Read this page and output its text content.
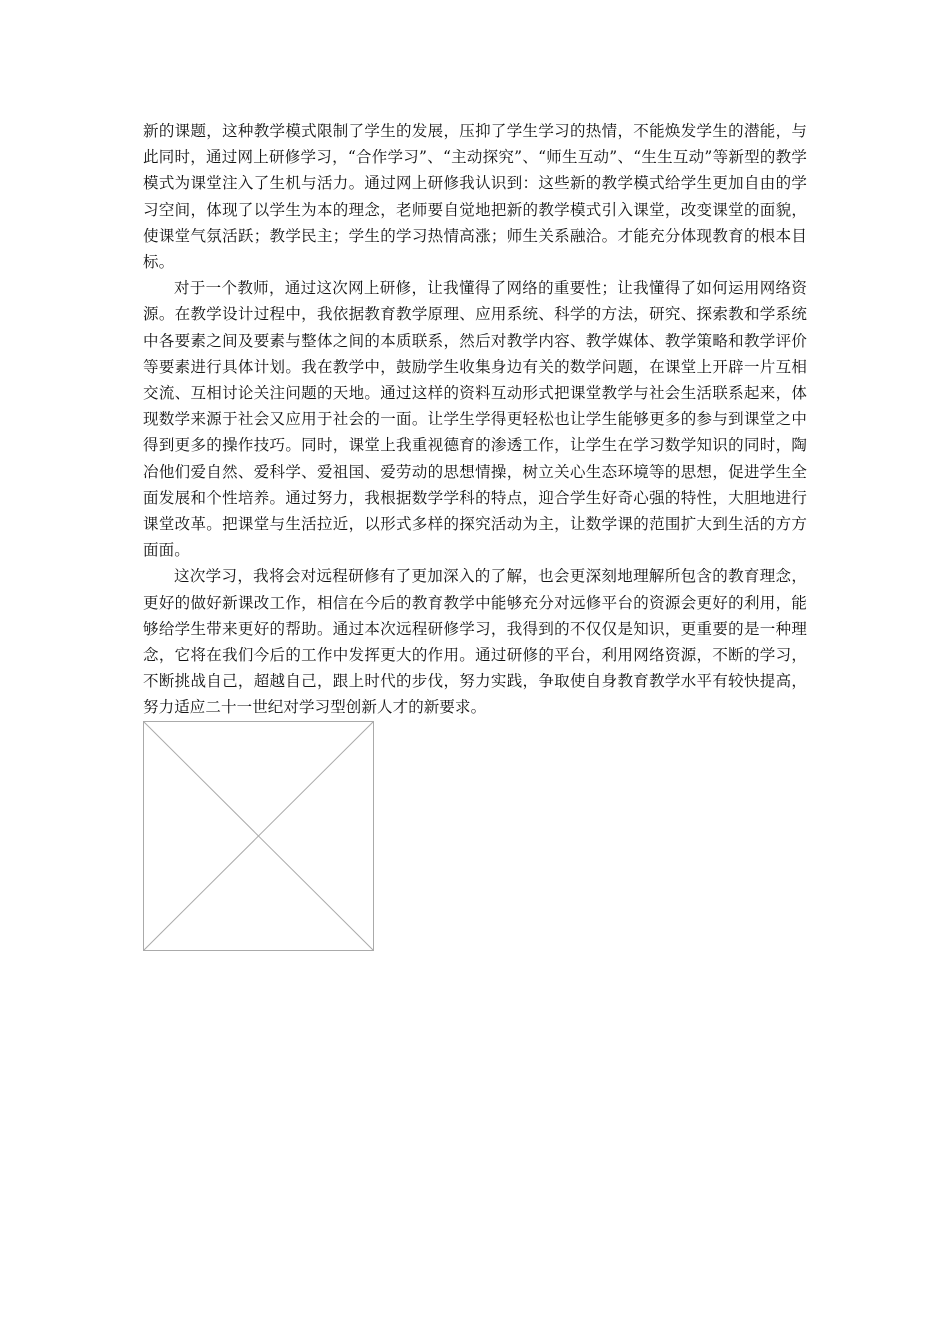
新的课题，这种教学模式限制了学生的发展，压抑了学生学习的热情，不能焕发学生的潜能，与此同时，通过网上研修学习，“合作学习”、“主动探究”、“师生互动”、“生生互动”等新型的教学模式为课堂注入了生机与活力。通过网上研修我认识到：这些新的教学模式给学生更加自由的学习空间，体现了以学生为本的理念，老师要自觉地把新的教学模式引入课堂，改变课堂的面貌，使课堂气氛活跃；教学民主；学生的学习热情高涨；师生关系融洽。才能充分体现教育的根本目标。

对于一个教师，通过这次网上研修，让我懂得了网络的重要性；让我懂得了如何运用网络资源。在教学设计过程中，我依据教育教学原理、应用系统、科学的方法，研究、探索教和学系统中各要素之间及要素与整体之间的本质联系，然后对教学内容、教学媒体、教学策略和教学评价等要素进行具体计划。我在教学中，鼓励学生收集身边有关的数学问题，在课堂上开辟一片互相交流、互相讨论关注问题的天地。通过这样的资料互动形式把课堂教学与社会生活联系起来，体现数学来源于社会又应用于社会的一面。让学生学得更轻松也让学生能够更多的参与到课堂之中得到更多的操作技巧。同时，课堂上我重视德育的渗透工作，让学生在学习数学知识的同时，陶冶他们爱自然、爱科学、爱祖国、爱劳动的思想情操，树立关心生态环境等的思想，促进学生全面发展和个性培养。通过努力，我根据数学学科的特点，迎合学生好奇心强的特性，大胆地进行课堂改革。把课堂与生活拉近，以形式多样的探究活动为主，让数学课的范围扩大到生活的方方面面。

这次学习，我将会对远程研修有了更加深入的了解，也会更深刻地理解所包含的教育理念，更好的做好新课改工作，相信在今后的教育教学中能够充分对远修平台的资源会更好的利用，能够给学生带来更好的帮助。通过本次远程研修学习，我得到的不仅仅是知识，更重要的是一种理念，它将在我们今后的工作中发挥更大的作用。通过研修的平台，利用网络资源，不断的学习，不断挑战自己，超越自己，跟上时代的步伐，努力实践，争取使自身教育教学水平有较快提高，努力适应二十一世纪对学习型创新人才的新要求。
